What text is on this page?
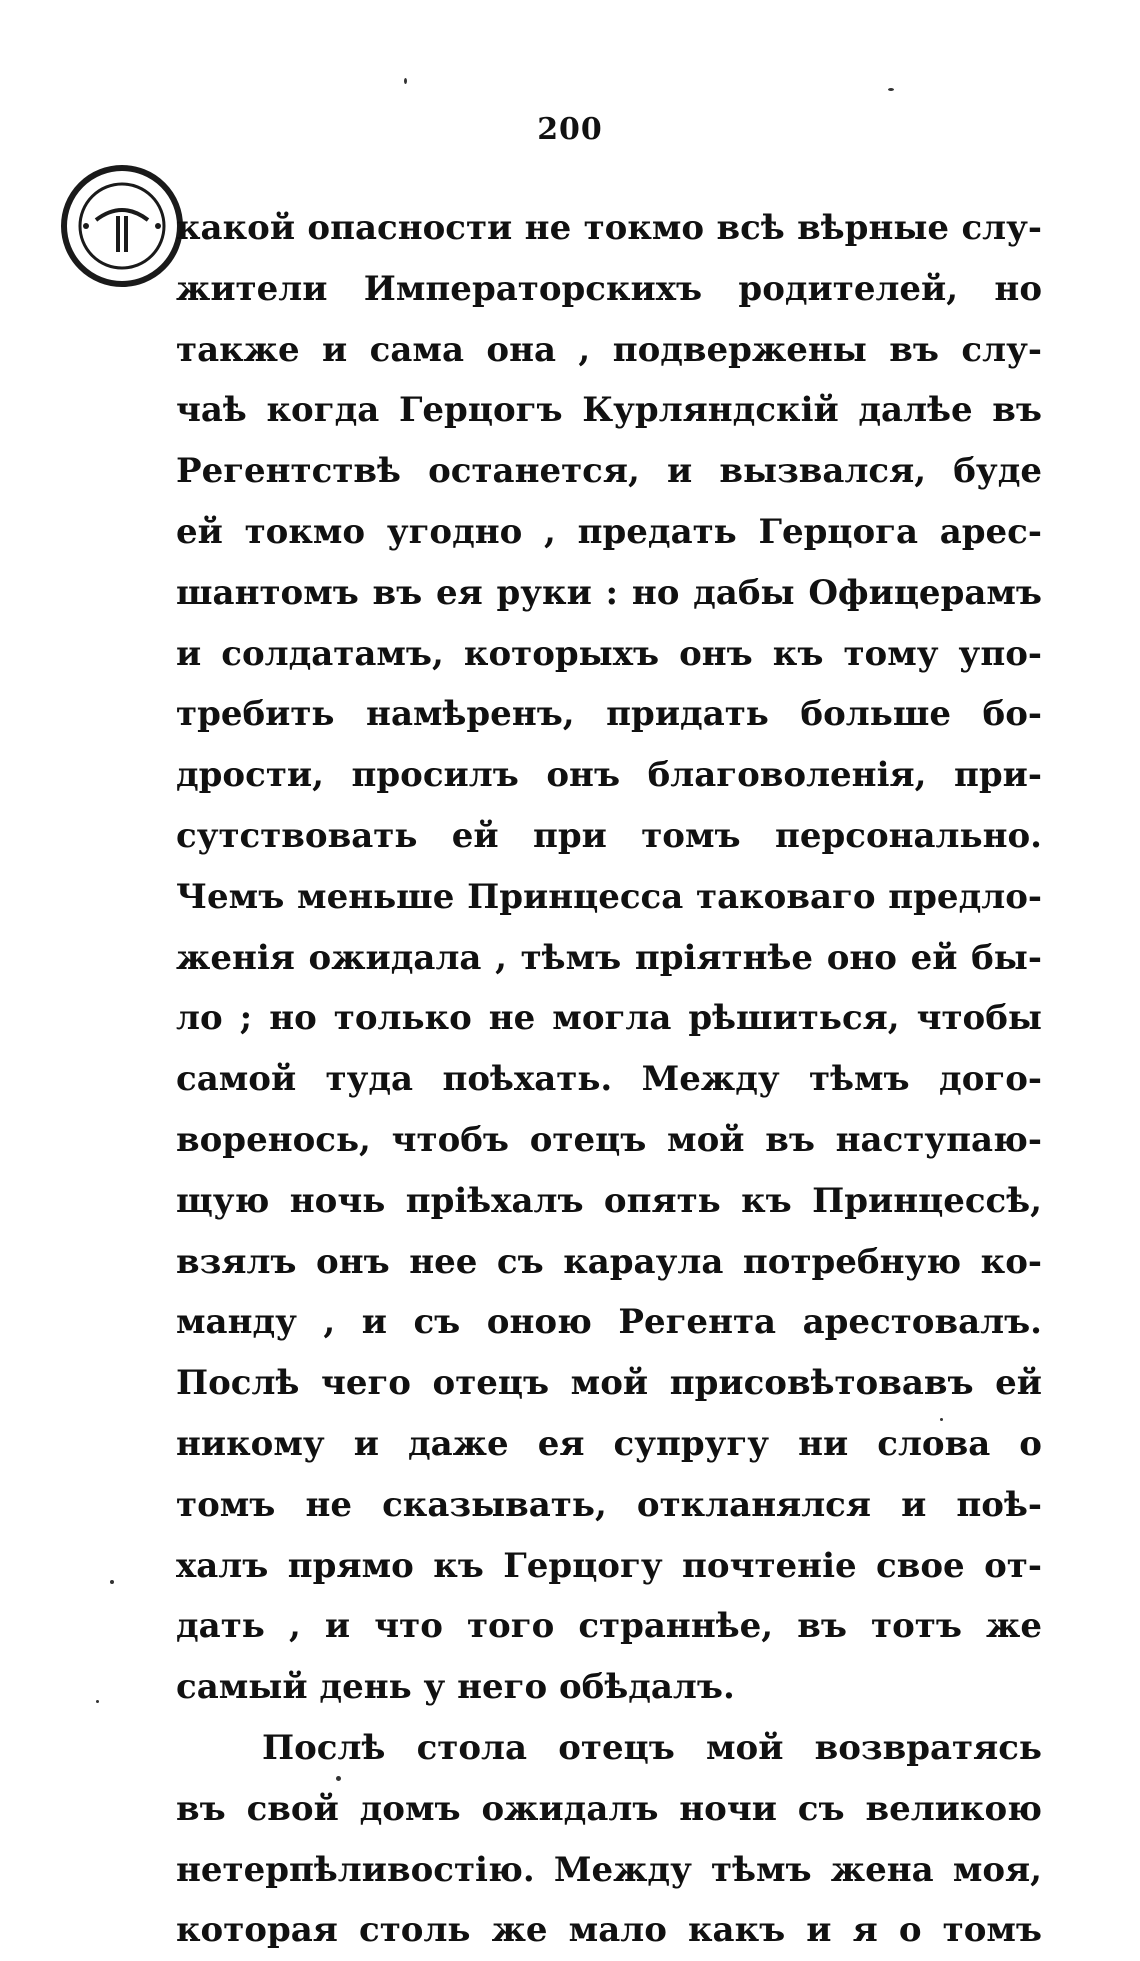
200
какой опасности не токмо всѣ вѣрные слу-
жители Императорскихъ родителей, но
также и сама она , подвержены въ слу-
чаѣ когда Герцогъ Курляндскій далѣе въ
Регентствѣ останется, и вызвался, буде
ей токмо угодно , предать Герцога арес-
шантомъ въ ея руки : но дабы Офицерамъ
и солдатамъ, которыхъ онъ къ тому упо-
требить намѣренъ, придать больше бо-
дрости, просилъ онъ благоволенія, при-
сутствовать ей при томъ персонально.
Чемъ меньше Принцесса таковаго предло-
женія ожидала , тѣмъ пріятнѣе оно ей бы-
ло ; но только не могла рѣшиться, чтобы
самой туда поѣхать. Между тѣмъ дого-
воренось, чтобъ отецъ мой въ наступаю-
щую ночь пріѣхалъ опять къ Принцессѣ,
взялъ онъ нее съ караула потребную ко-
манду , и съ оною Регента арестовалъ.
Послѣ чего отецъ мой присовѣтовавъ ей
никому и даже ея супругу ни слова о
томъ не сказывать, откланялся и поѣ-
халъ прямо къ Герцогу почтеніе свое от-
дать , и что того страннѣе, въ тотъ же
самый день у него обѣдалъ.
Послѣ стола отецъ мой возвратясь
въ свой домъ ожидалъ ночи съ великою
нетерпѣливостію. Между тѣмъ жена моя,
которая столь же мало какъ и я о томъ
